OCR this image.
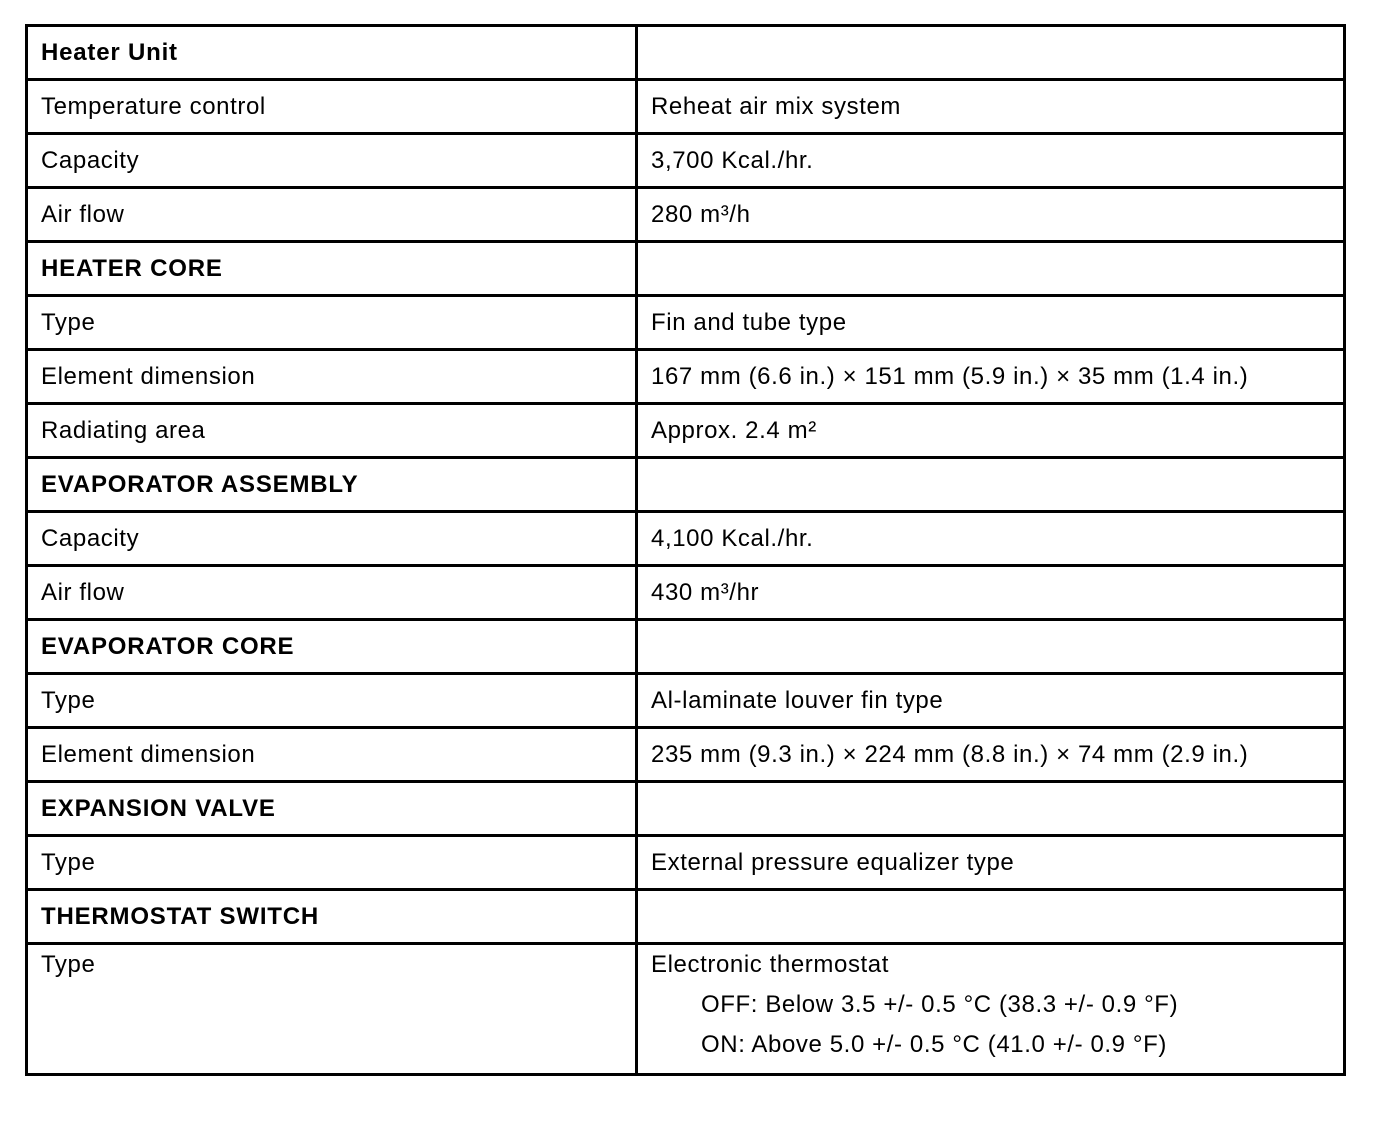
Heater Unit	
Temperature control	Reheat air mix system
Capacity	3,700 Kcal./hr.
Air flow	280 m³/h
HEATER CORE	
Type	Fin and tube type
Element dimension	167 mm (6.6 in.) × 151 mm (5.9 in.) × 35 mm (1.4 in.)
Radiating area	Approx. 2.4 m²
EVAPORATOR ASSEMBLY	
Capacity	4,100 Kcal./hr.
Air flow	430 m³/hr
EVAPORATOR CORE	
Type	Al-laminate louver fin type
Element dimension	235 mm (9.3 in.) × 224 mm (8.8 in.) × 74 mm (2.9 in.)
EXPANSION VALVE	
Type	External pressure equalizer type
THERMOSTAT SWITCH	
Type	Electronic thermostat
OFF: Below 3.5 +/- 0.5 °C (38.3 +/- 0.9 °F)
ON: Above 5.0 +/- 0.5 °C (41.0 +/- 0.9 °F)
